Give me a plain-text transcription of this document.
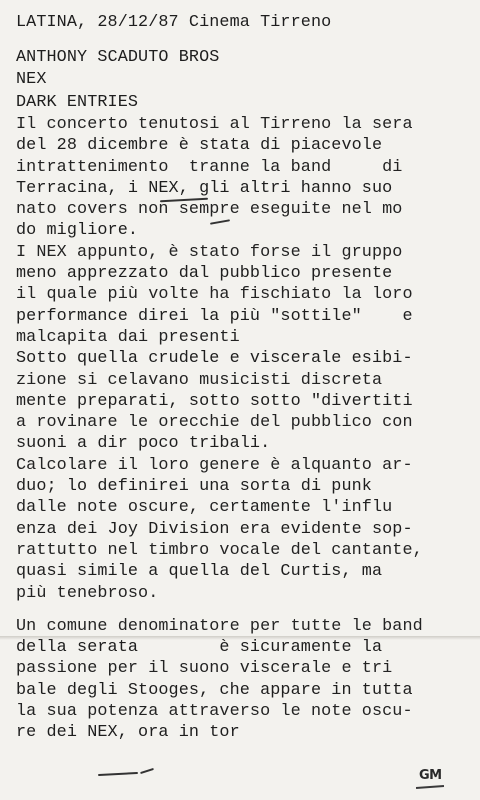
LATINA, 28/12/87 Cinema Tirreno
ANTHONY SCADUTO BROS
NEX
DARK ENTRIES
Il concerto tenutosi al Tirreno la sera
del 28 dicembre è stata di piacevole
intrattenimento  tranne la band     di
Terracina, i NEX, gli altri hanno suo
nato covers non sempre eseguite nel mo
do migliore.
I NEX appunto, è stato forse il gruppo
meno apprezzato dal pubblico presente
il quale più volte ha fischiato la loro
performance direi la più "sottile"    e
malcapita dai presenti
Sotto quella crudele e viscerale esibi-
zione si celavano musicisti discreta
mente preparati, sotto sotto "divertiti
a rovinare le orecchie del pubblico con
suoni a dir poco tribali.
Calcolare il loro genere è alquanto ar-
duo; lo definirei una sorta di punk
dalle note oscure, certamente l'influ
enza dei Joy Division era evidente sop-
rattutto nel timbro vocale del cantante,
quasi simile a quella del Curtis, ma
più tenebroso.
Un comune denominatore per tutte le band
della serata        è sicuramente la
passione per il suono viscerale e tri
bale degli Stooges, che appare in tutta
la sua potenza attraverso le note oscu-
re dei NEX, ora in tor
GM
